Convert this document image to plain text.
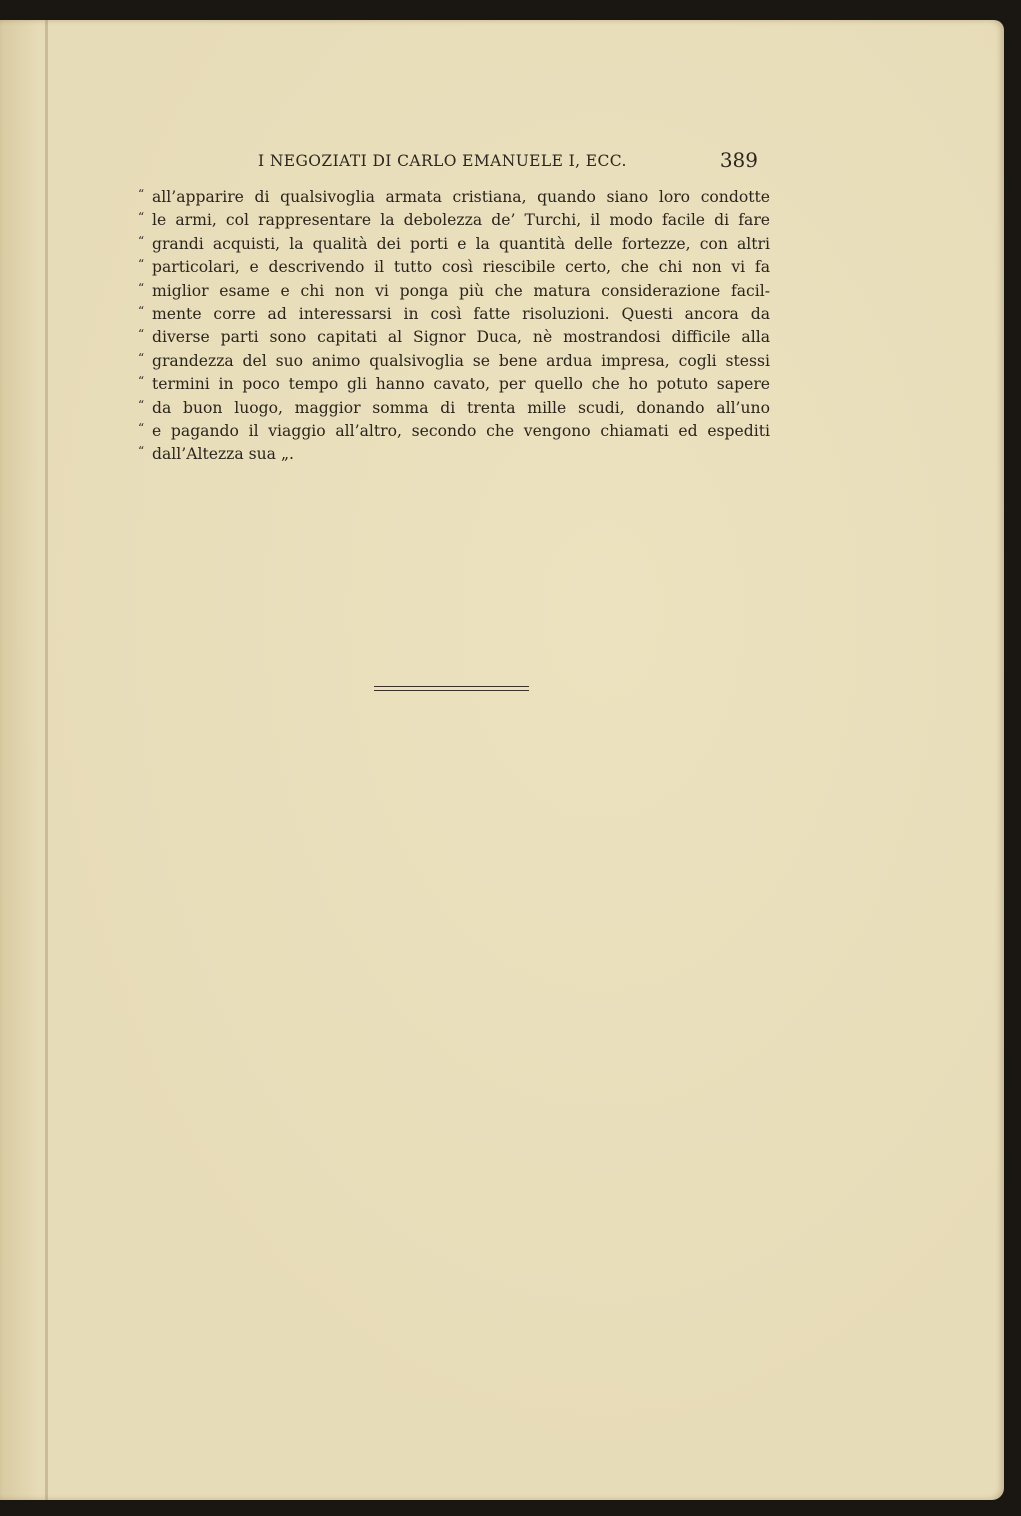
I NEGOZIATI DI CARLO EMANUELE I, ECC.	389
“ all’apparire di qualsivoglia armata cristiana, quando siano loro condotte
“ le armi, col rappresentare la debolezza de’ Turchi, il modo facile di fare
“ grandi acquisti, la qualità dei porti e la quantità delle fortezze, con altri
“ particolari, e descrivendo il tutto così riescibile certo, che chi non vi fa
“ miglior esame e chi non vi ponga più che matura considerazione facil-
“ mente corre ad interessarsi in così fatte risoluzioni. Questi ancora da
“ diverse parti sono capitati al Signor Duca, nè mostrandosi difficile alla
“ grandezza del suo animo qualsivoglia se bene ardua impresa, cogli stessi
“ termini in poco tempo gli hanno cavato, per quello che ho potuto sapere
“ da buon luogo, maggior somma di trenta mille scudi, donando all’uno
“ e pagando il viaggio all’altro, secondo che vengono chiamati ed espediti
“ dall’Altezza sua „.
